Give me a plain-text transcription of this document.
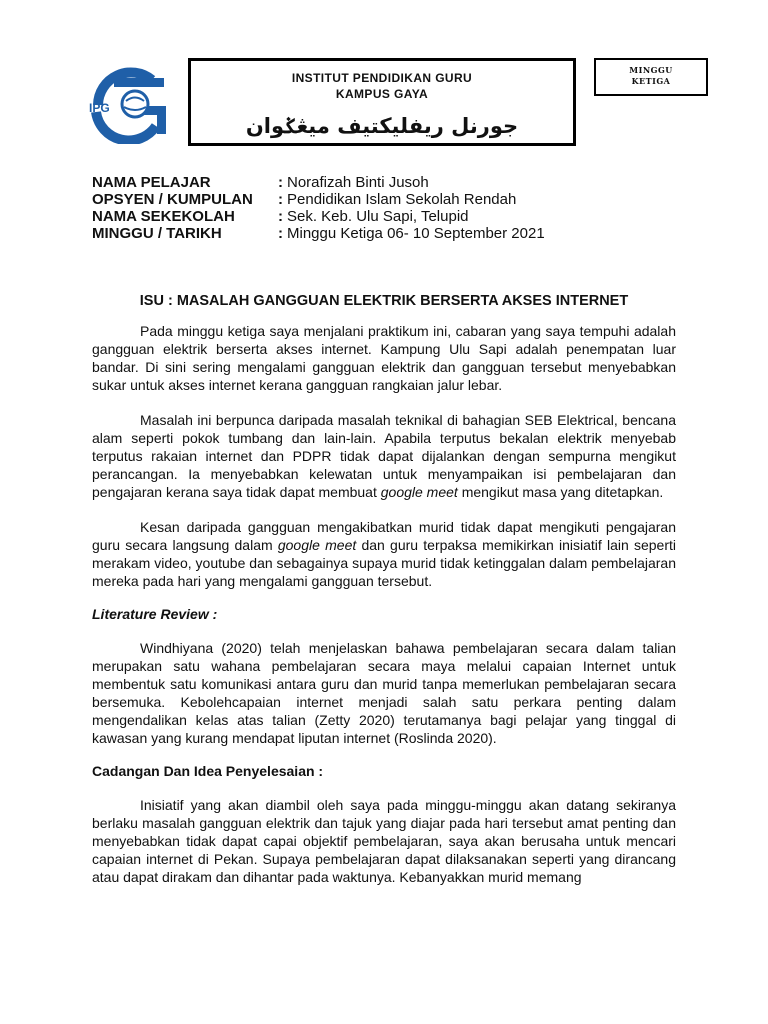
IPG
INSTITUT PENDIDIKAN GURU
KAMPUS GAYA
جورنل ريفليکتيف ميڠݢوان
MINGGU
KETIGA
NAMA PELAJAR	: Norafizah Binti Jusoh
OPSYEN / KUMPULAN	: Pendidikan Islam Sekolah Rendah
NAMA SEKEKOLAH	: Sek. Keb. Ulu Sapi, Telupid
MINGGU / TARIKH	: Minggu Ketiga 06- 10 September 2021
ISU : MASALAH GANGGUAN ELEKTRIK BERSERTA AKSES INTERNET

Pada minggu ketiga saya menjalani praktikum ini, cabaran yang saya tempuhi adalah gangguan elektrik berserta akses internet. Kampung Ulu Sapi adalah penempatan luar bandar. Di sini sering mengalami gangguan elektrik dan gangguan tersebut menyebabkan sukar untuk akses internet kerana gangguan rangkaian jalur lebar.

Masalah ini berpunca daripada masalah teknikal di bahagian SEB Elektrical, bencana alam seperti pokok tumbang dan lain-lain. Apabila terputus bekalan elektrik menyebab terputus rakaian internet dan PDPR tidak dapat dijalankan dengan sempurna mengikut perancangan. Ia menyebabkan kelewatan untuk menyampaikan isi pembelajaran dan pengajaran kerana saya tidak dapat membuat google meet mengikut masa yang ditetapkan.

Kesan daripada gangguan mengakibatkan murid tidak dapat mengikuti pengajaran guru secara langsung dalam google meet dan guru terpaksa memikirkan inisiatif lain seperti merakam video, youtube dan sebagainya supaya murid tidak ketinggalan dalam pembelajaran mereka pada hari yang mengalami gangguan tersebut.

Literature Review :

Windhiyana (2020) telah menjelaskan bahawa pembelajaran secara dalam talian merupakan satu wahana pembelajaran secara maya melalui capaian Internet untuk membentuk satu komunikasi antara guru dan murid tanpa memerlukan pembelajaran secara bersemuka. Kebolehcapaian internet menjadi salah satu perkara penting dalam mengendalikan kelas atas talian (Zetty 2020) terutamanya bagi pelajar yang tinggal di kawasan yang kurang mendapat liputan internet (Roslinda 2020).

Cadangan Dan Idea Penyelesaian :

Inisiatif yang akan diambil oleh saya pada minggu-minggu akan datang sekiranya berlaku masalah gangguan elektrik dan tajuk yang diajar pada hari tersebut amat penting dan menyebabkan tidak dapat capai objektif pembelajaran, saya akan berusaha untuk mencari capaian internet di Pekan. Supaya pembelajaran dapat dilaksanakan seperti yang dirancang atau dapat dirakam dan dihantar pada waktunya. Kebanyakkan murid memang
